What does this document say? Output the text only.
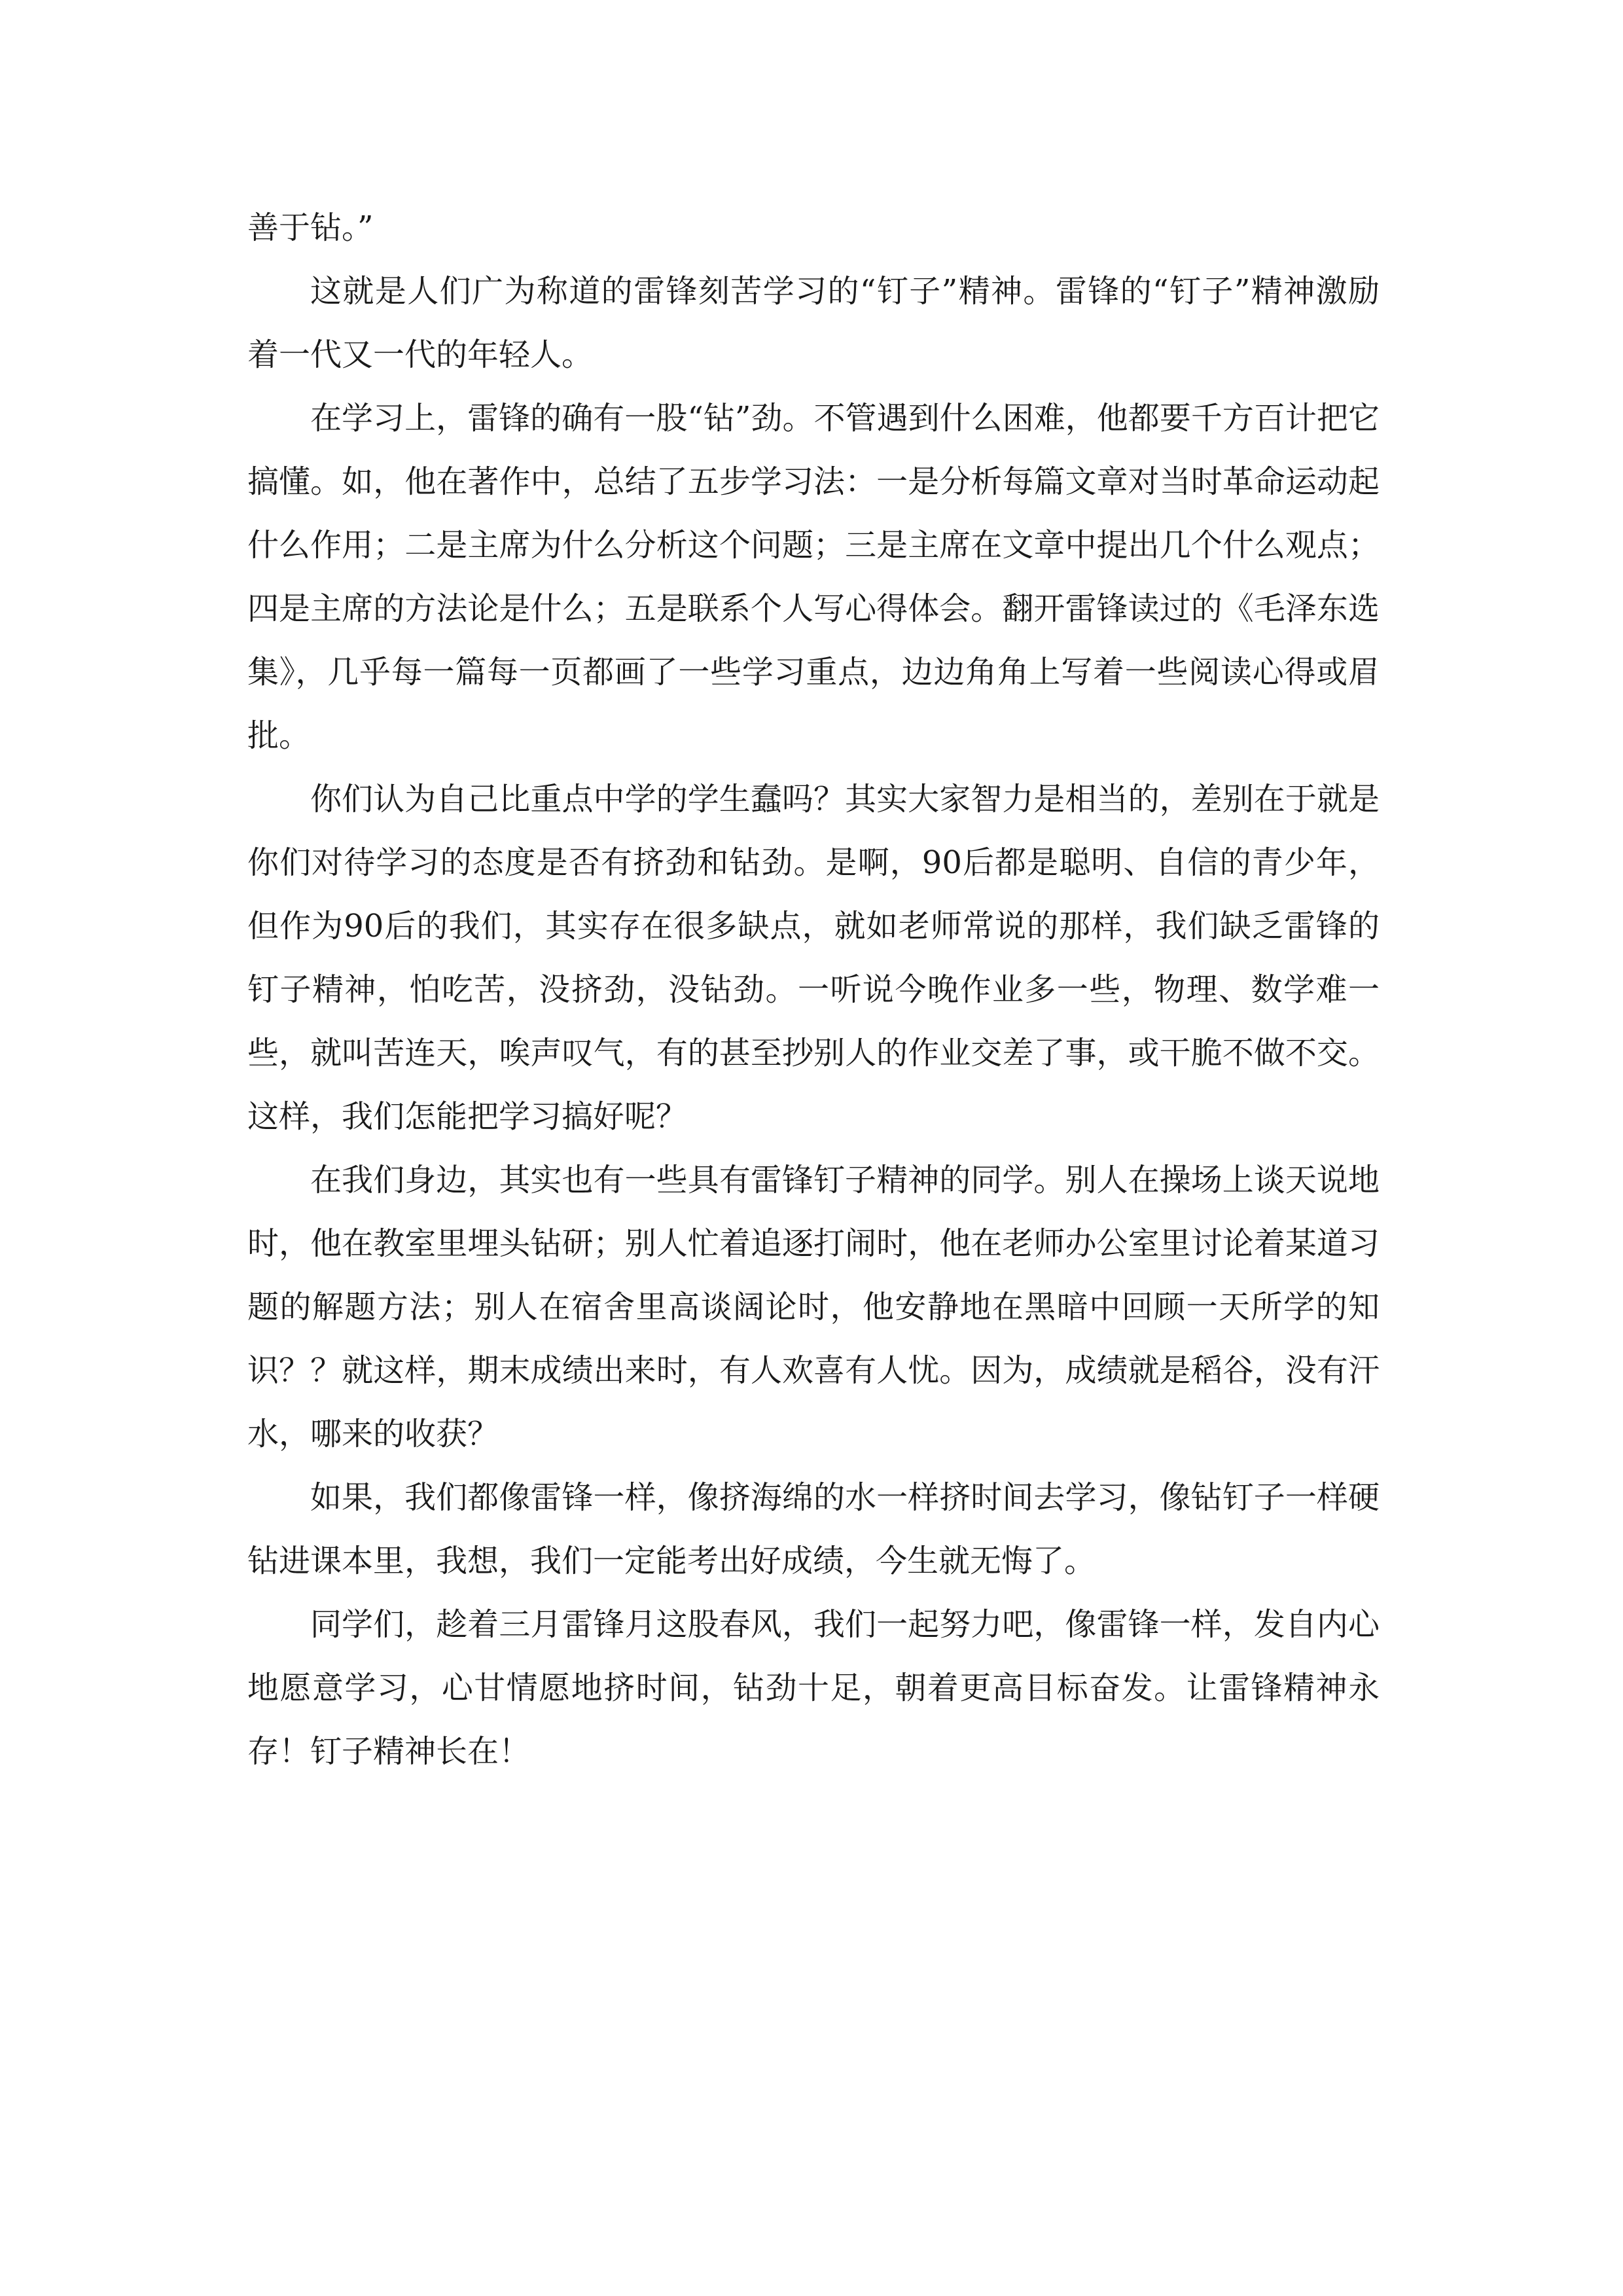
善于钻。”

这就是人们广为称道的雷锋刻苦学习的“钉子”精神。雷锋的“钉子”精神激励着一代又一代的年轻人。

在学习上，雷锋的确有一股“钻”劲。不管遇到什么困难，他都要千方百计把它搞懂。如，他在著作中，总结了五步学习法：一是分析每篇文章对当时革命运动起什么作用；二是主席为什么分析这个问题；三是主席在文章中提出几个什么观点；四是主席的方法论是什么；五是联系个人写心得体会。翻开雷锋读过的《毛泽东选集》，几乎每一篇每一页都画了一些学习重点，边边角角上写着一些阅读心得或眉批。

你们认为自己比重点中学的学生蠢吗？其实大家智力是相当的，差别在于就是你们对待学习的态度是否有挤劲和钻劲。是啊，90后都是聪明、自信的青少年，但作为90后的我们，其实存在很多缺点，就如老师常说的那样，我们缺乏雷锋的钉子精神，怕吃苦，没挤劲，没钻劲。一听说今晚作业多一些，物理、数学难一些，就叫苦连天，唉声叹气，有的甚至抄别人的作业交差了事，或干脆不做不交。这样，我们怎能把学习搞好呢？

在我们身边，其实也有一些具有雷锋钉子精神的同学。别人在操场上谈天说地时，他在教室里埋头钻研；别人忙着追逐打闹时，他在老师办公室里讨论着某道习题的解题方法；别人在宿舍里高谈阔论时，他安静地在黑暗中回顾一天所学的知识？？就这样，期末成绩出来时，有人欢喜有人忧。因为，成绩就是稻谷，没有汗水，哪来的收获？

如果，我们都像雷锋一样，像挤海绵的水一样挤时间去学习，像钻钉子一样硬钻进课本里，我想，我们一定能考出好成绩，今生就无悔了。

同学们，趁着三月雷锋月这股春风，我们一起努力吧，像雷锋一样，发自内心地愿意学习，心甘情愿地挤时间，钻劲十足，朝着更高目标奋发。让雷锋精神永存！钉子精神长在！
